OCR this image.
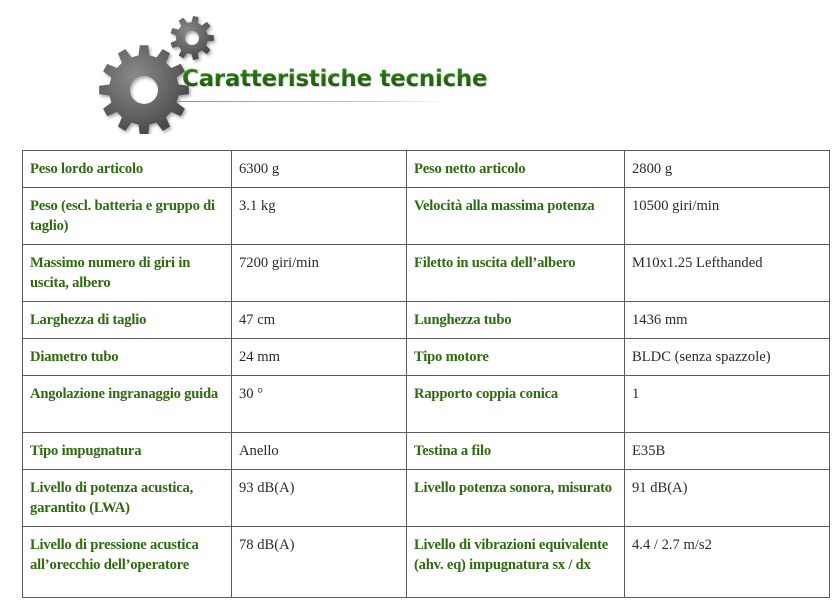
Caratteristiche tecniche
Peso lordo articolo	6300 g	Peso netto articolo	2800 g
Peso (escl. batteria e gruppo di taglio)	3.1 kg	Velocità alla massima potenza	10500 giri/min
Massimo numero di giri in uscita, albero	7200 giri/min	Filetto in uscita dell’albero	M10x1.25 Lefthanded
Larghezza di taglio	47 cm	Lunghezza tubo	1436 mm
Diametro tubo	24 mm	Tipo motore	BLDC (senza spazzole)
Angolazione ingranaggio guida	30 °	Rapporto coppia conica	1
Tipo impugnatura	Anello	Testina a filo	E35B
Livello di potenza acustica, garantito (LWA)	93 dB(A)	Livello potenza sonora, misurato	91 dB(A)
Livello di pressione acustica all’orecchio dell’operatore	78 dB(A)	Livello di vibrazioni equivalente (ahv. eq) impugnatura sx / dx	4.4 / 2.7 m/s2
